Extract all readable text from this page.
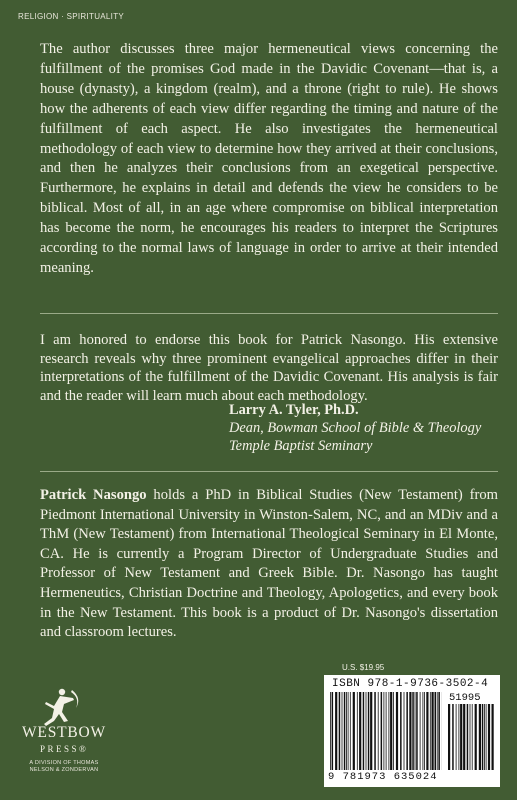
RELIGION · SPIRITUALITY
The author discusses three major hermeneutical views concerning the fulfillment of the promises God made in the Davidic Covenant—that is, a house (dynasty), a kingdom (realm), and a throne (right to rule). He shows how the adherents of each view differ regarding the timing and nature of the fulfillment of each aspect. He also investigates the hermeneutical methodology of each view to determine how they arrived at their conclusions, and then he analyzes their conclusions from an exegetical perspective. Furthermore, he explains in detail and defends the view he considers to be biblical. Most of all, in an age where compromise on biblical interpretation has become the norm, he encourages his readers to interpret the Scriptures according to the normal laws of language in order to arrive at their intended meaning.
I am honored to endorse this book for Patrick Nasongo. His extensive research reveals why three prominent evangelical approaches differ in their interpretations of the fulfillment of the Davidic Covenant. His analysis is fair and the reader will learn much about each methodology.
Larry A. Tyler, Ph.D.
Dean, Bowman School of Bible & Theology
Temple Baptist Seminary
Patrick Nasongo holds a PhD in Biblical Studies (New Testament) from Piedmont International University in Winston-Salem, NC, and an MDiv and a ThM (New Testament) from International Theological Seminary in El Monte, CA. He is currently a Program Director of Undergraduate Studies and Professor of New Testament and Greek Bible. Dr. Nasongo has taught Hermeneutics, Christian Doctrine and Theology, Apologetics, and every book in the New Testament. This book is a product of Dr. Nasongo's dissertation and classroom lectures.
U.S. $19.95
ISBN 978-1-9736-3502-4
51995
9 781973 635024
WESTBOW
PRESS®
A DIVISION OF THOMAS NELSON & ZONDERVAN
